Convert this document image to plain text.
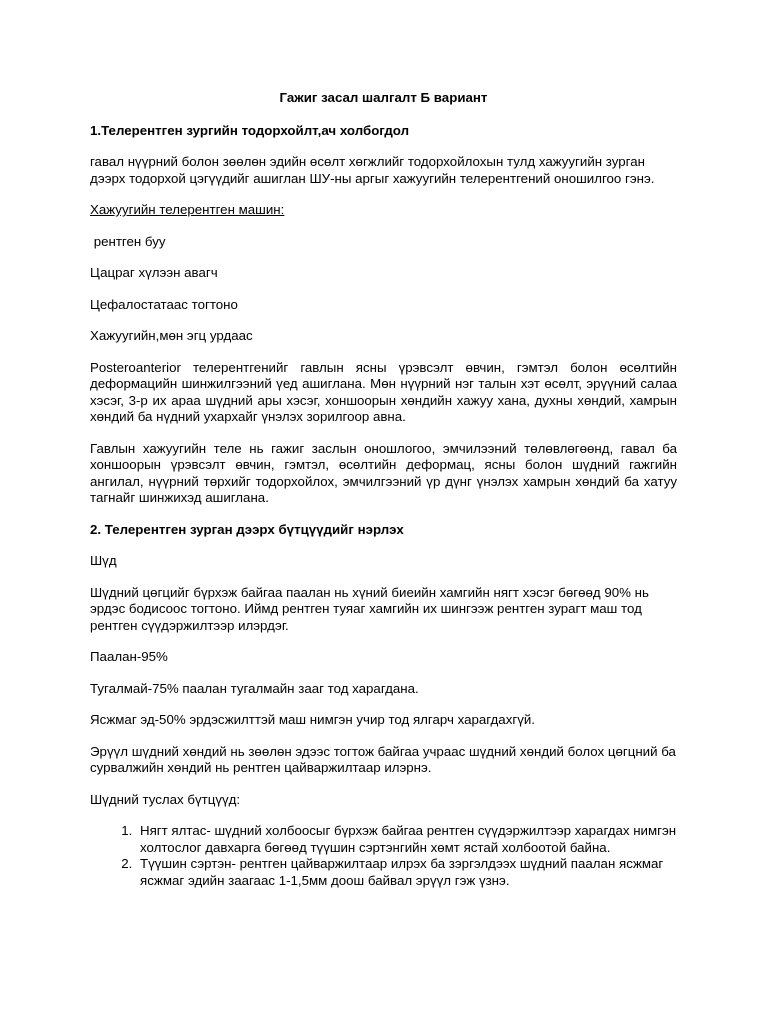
Гажиг засал шалгалт Б вариант

1.Телерентген зургийн тодорхойлт,ач холбогдол

гавал нүүрний болон зөөлөн эдийн өсөлт хөгжлийг тодорхойлохын тулд хажуугийн зурган дээрх тодорхой цэгүүдийг ашиглан ШУ-ны аргыг хажуугийн телерентгений оношилгоо гэнэ.

Хажуугийн телерентген машин:

рентген буу

Цацраг хүлээн авагч

Цефалостатаас тогтоно

Хажуугийн,мөн эгц урдаас

Posteroanterior телерентгенийг гавлын ясны үрэвсэлт өвчин, гэмтэл болон өсөлтийн деформацийн шинжилгээний үед ашиглана. Мөн нүүрний нэг талын хэт өсөлт, эрүүний салаа хэсэг, 3-р их араа шүдний ары хэсэг, хоншоорын хөндийн хажуу хана, духны хөндий, хамрын хөндий ба нүдний ухархайг үнэлэх зорилгоор авна.

Гавлын хажуугийн теле нь гажиг заслын оношлогоо, эмчилээний төлөвлөгөөнд, гавал ба хоншоорын үрэвсэлт өвчин, гэмтэл, өсөлтийн деформац, ясны болон шүдний гажгийн ангилал, нүүрний төрхийг тодорхойлох, эмчилгээний үр дүнг үнэлэх хамрын хөндий ба хатуу тагнайг шинжихэд ашиглана.

2. Телерентген зурган дээрх бүтцүүдийг нэрлэх

Шүд

Шүдний цөгцийг бүрхэж байгаа паалан нь хүний биеийн хамгийн нягт хэсэг бөгөөд 90% нь эрдэс бодисоос тогтоно. Иймд рентген туяаг хамгийн их шингээж рентген зурагт маш тод рентген сүүдэржилтээр илэрдэг.

Паалан-95%

Тугалмай-75% паалан тугалмайн зааг тод харагдана.

Ясжмаг эд-50% эрдэсжилттэй маш нимгэн учир тод ялгарч харагдахгүй.

Эрүүл шүдний хөндий нь зөөлөн эдээс тогтож байгаа учраас шүдний хөндий болох цөгцний ба сурвалжийн хөндий нь рентген цайваржилтаар илэрнэ.

Шүдний туслах бүтцүүд:

1. Нягт ялтас- шүдний холбоосыг бүрхэж байгаа рентген сүүдэржилтээр харагдах нимгэн холтослог давхарга бөгөөд түүшин сэртэнгийн хөмт ястай холбоотой байна.
2. Түүшин сэртэн- рентген цайваржилтаар илрэх ба зэргэлдээх шүдний паалан ясжмаг ясжмаг эдийн заагаас 1-1,5мм доош байвал эрүүл гэж үзнэ.
